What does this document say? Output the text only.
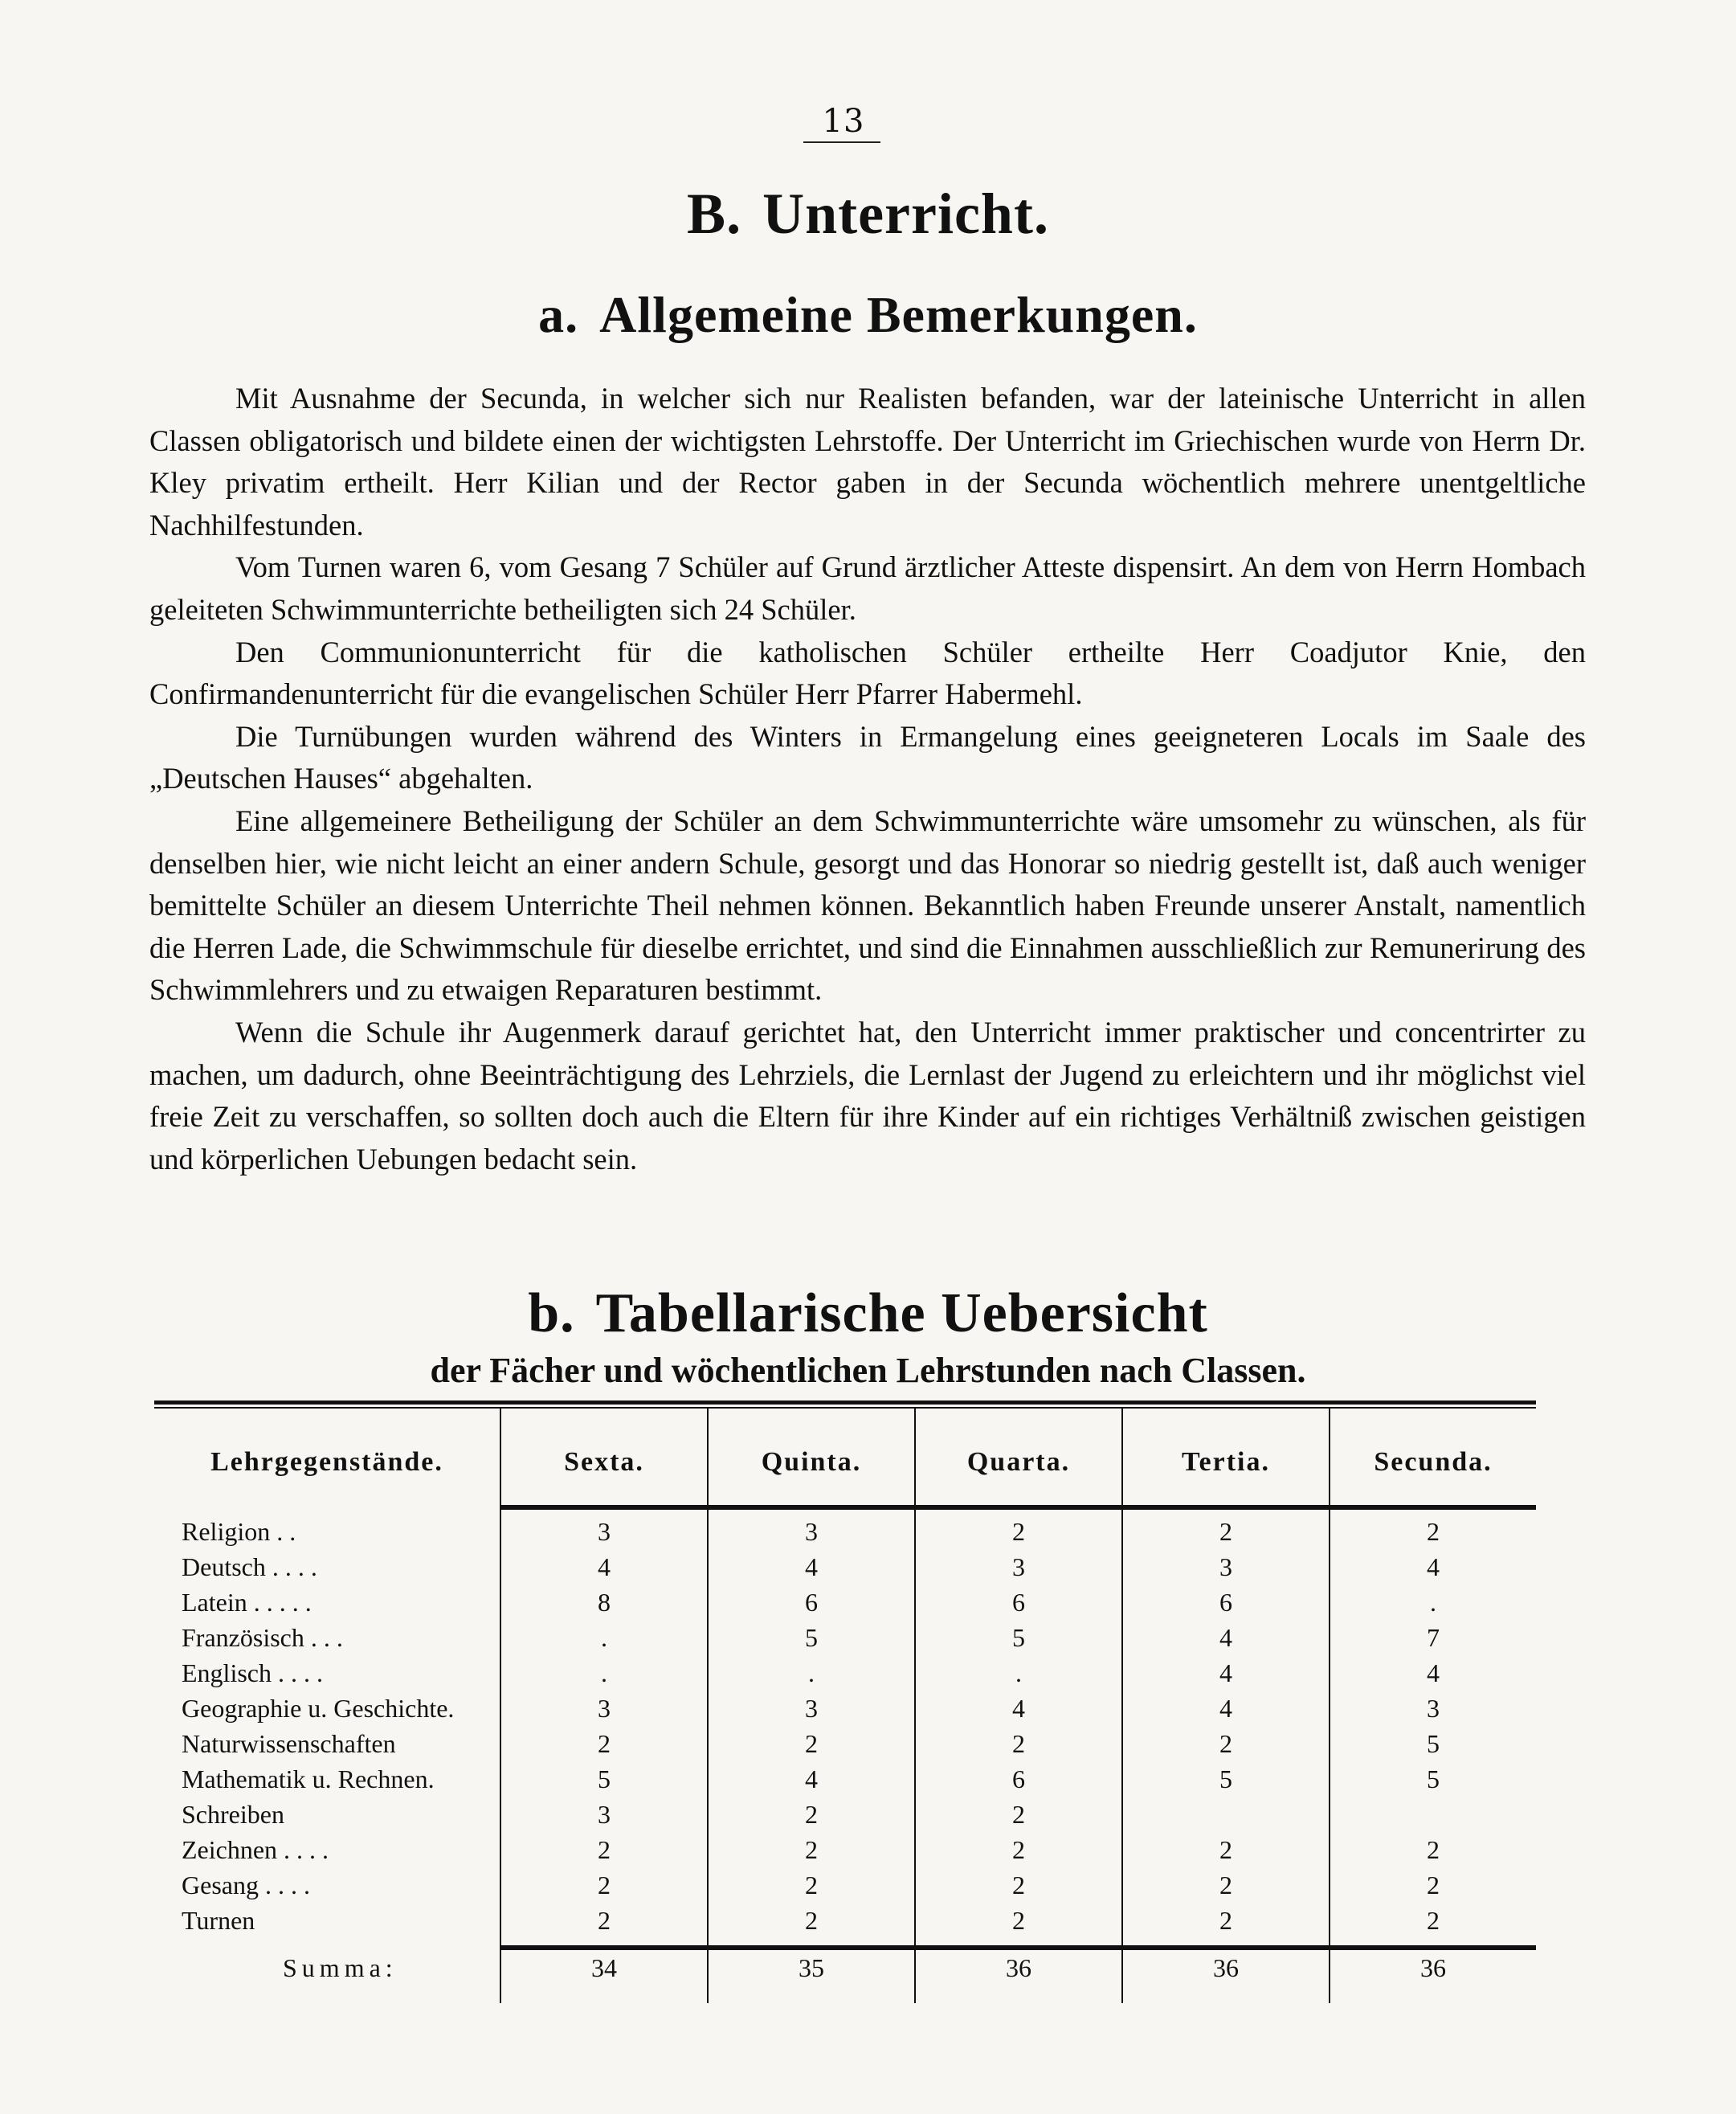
13
B. Unterricht.
a. Allgemeine Bemerkungen.

Mit Ausnahme der Secunda, in welcher sich nur Realisten befanden, war der lateinische Unterricht in allen Classen obligatorisch und bildete einen der wichtigsten Lehrstoffe. Der Unterricht im Griechischen wurde von Herrn Dr. Kley privatim ertheilt. Herr Kilian und der Rector gaben in der Secunda wöchentlich mehrere unentgeltliche Nachhilfestunden.

Vom Turnen waren 6, vom Gesang 7 Schüler auf Grund ärztlicher Atteste dispensirt. An dem von Herrn Hombach geleiteten Schwimmunterrichte betheiligten sich 24 Schüler.

Den Communionunterricht für die katholischen Schüler ertheilte Herr Coadjutor Knie, den Confirmandenunterricht für die evangelischen Schüler Herr Pfarrer Habermehl.

Die Turnübungen wurden während des Winters in Ermangelung eines geeigneteren Locals im Saale des „Deutschen Hauses“ abgehalten.

Eine allgemeinere Betheiligung der Schüler an dem Schwimmunterrichte wäre umsomehr zu wünschen, als für denselben hier, wie nicht leicht an einer andern Schule, gesorgt und das Honorar so niedrig gestellt ist, daß auch weniger bemittelte Schüler an diesem Unterrichte Theil nehmen können. Bekanntlich haben Freunde unserer Anstalt, namentlich die Herren Lade, die Schwimmschule für dieselbe errichtet, und sind die Einnahmen ausschließlich zur Remunerirung des Schwimmlehrers und zu etwaigen Reparaturen bestimmt.

Wenn die Schule ihr Augenmerk darauf gerichtet hat, den Unterricht immer praktischer und concentrirter zu machen, um dadurch, ohne Beeinträchtigung des Lehrziels, die Lernlast der Jugend zu erleichtern und ihr möglichst viel freie Zeit zu verschaffen, so sollten doch auch die Eltern für ihre Kinder auf ein richtiges Verhältniß zwischen geistigen und körperlichen Uebungen bedacht sein.

b. Tabellarische Uebersicht
der Fächer und wöchentlichen Lehrstunden nach Classen.
Lehrgegenstände.	Sexta.	Quinta.	Quarta.	Tertia.	Secunda.
Religion . .	3	3	2	2	2
Deutsch . . . .	4	4	3	3	4
Latein . . . . .	8	6	6	6	.
Französisch . . .	.	5	5	4	7
Englisch . . . .	.	.	.	4	4
Geographie u. Geschichte.	3	3	4	4	3
Naturwissenschaften	2	2	2	2	5
Mathematik u. Rechnen.	5	4	6	5	5
Schreiben	3	2	2
Zeichnen . . . .	2	2	2	2	2
Gesang . . . .	2	2	2	2	2
Turnen	2	2	2	2	2
Summa:	34	35	36	36	36
